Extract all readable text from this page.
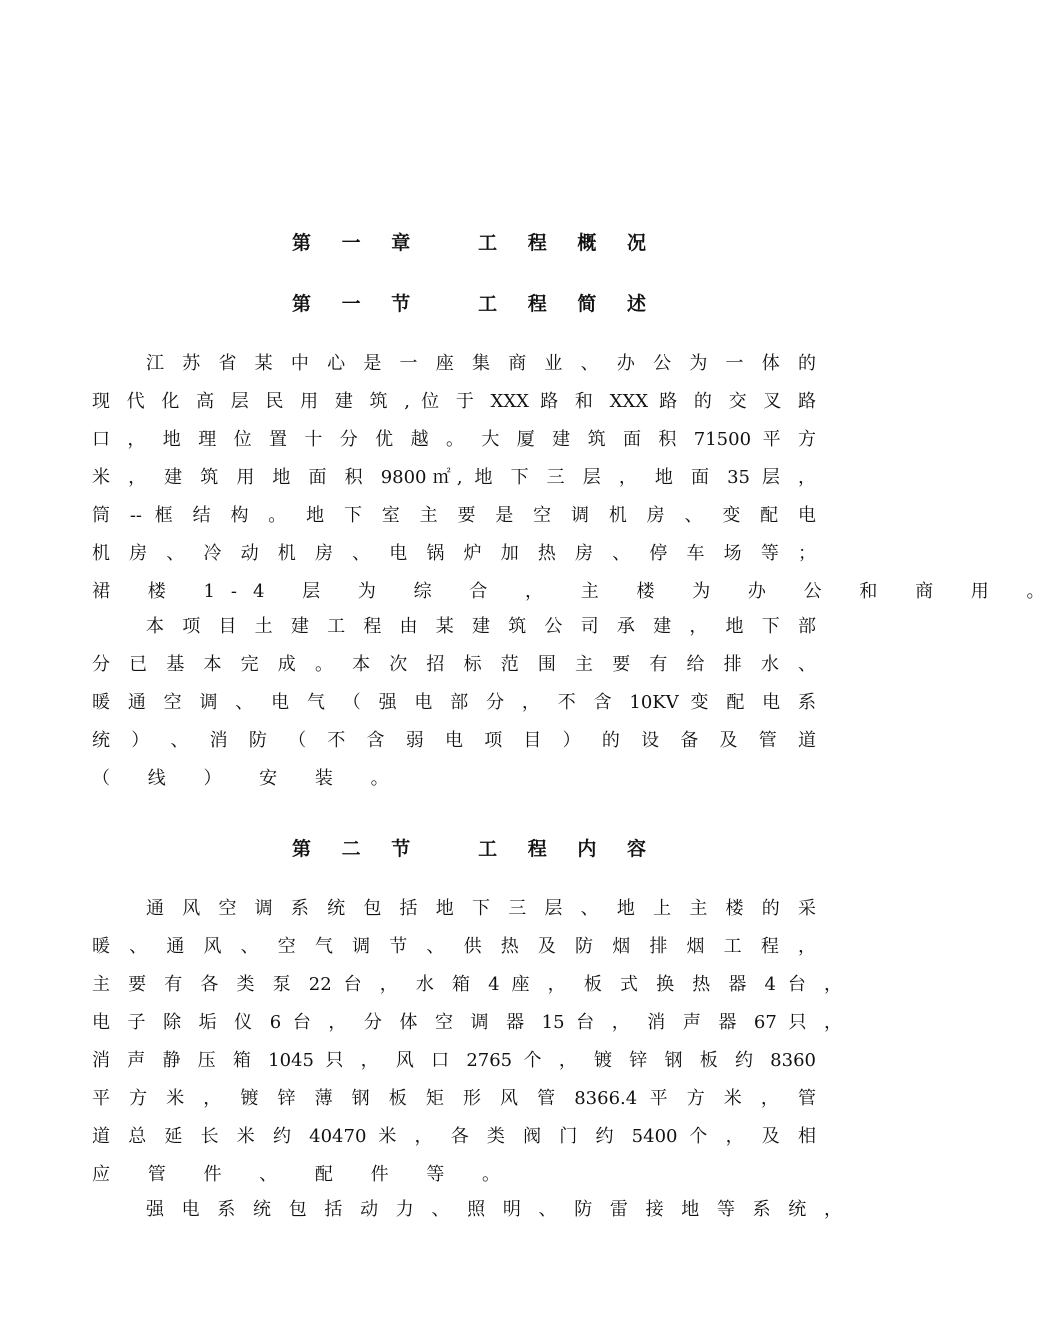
第 一 章   工 程 概 况
第 一 节   工 程 简 述
江 苏 省 某 中 心 是 一 座 集 商 业 、 办 公 为 一 体 的
现 代 化 高 层 民 用 建 筑 , 位 于 XXX 路 和 XXX 路 的 交 叉 路
口 ， 地 理 位 置 十 分 优 越 。 大 厦 建 筑 面 积 71500 平 方
米 ， 建 筑 用 地 面 积 9800㎡, 地 下 三 层 ， 地 面 35 层 ，
筒 -- 框 结 构 。 地 下 室 主 要 是 空 调 机 房 、 变 配 电
机 房 、 冷 动 机 房 、 电 锅 炉 加 热 房 、 停 车 场 等 ；
裙 楼 1-4 层 为 综 合 ， 主 楼 为 办 公 和 商 用 。
本 项 目 土 建 工 程 由 某 建 筑 公 司 承 建 ， 地 下 部
分 已 基 本 完 成 。 本 次 招 标 范 围 主 要 有 给 排 水 、
暖 通 空 调 、 电 气 （ 强 电 部 分 ， 不 含 10KV 变 配 电 系
统 ） 、 消 防 （ 不 含 弱 电 项 目 ） 的 设 备 及 管 道
（ 线 ） 安 装 。
第 二 节   工 程 内 容
通 风 空 调 系 统 包 括 地 下 三 层 、 地 上 主 楼 的 采
暖 、 通 风 、 空 气 调 节 、 供 热 及 防 烟 排 烟 工 程 ，
主 要 有 各 类 泵 22 台 ， 水 箱 4 座 ， 板 式 换 热 器 4 台 ，
电 子 除 垢 仪 6 台 ， 分 体 空 调 器 15 台 ， 消 声 器 67 只 ，
消 声 静 压 箱 1045 只 ， 风 口 2765 个 ， 镀 锌 钢 板 约 8360
平 方 米 ， 镀 锌 薄 钢 板 矩 形 风 管 8366.4 平 方 米 ， 管
道 总 延 长 米 约 40470 米 ， 各 类 阀 门 约 5400 个 ， 及 相
应 管 件 、 配 件 等 。
强 电 系 统 包 括 动 力 、 照 明 、 防 雷 接 地 等 系 统 ，
